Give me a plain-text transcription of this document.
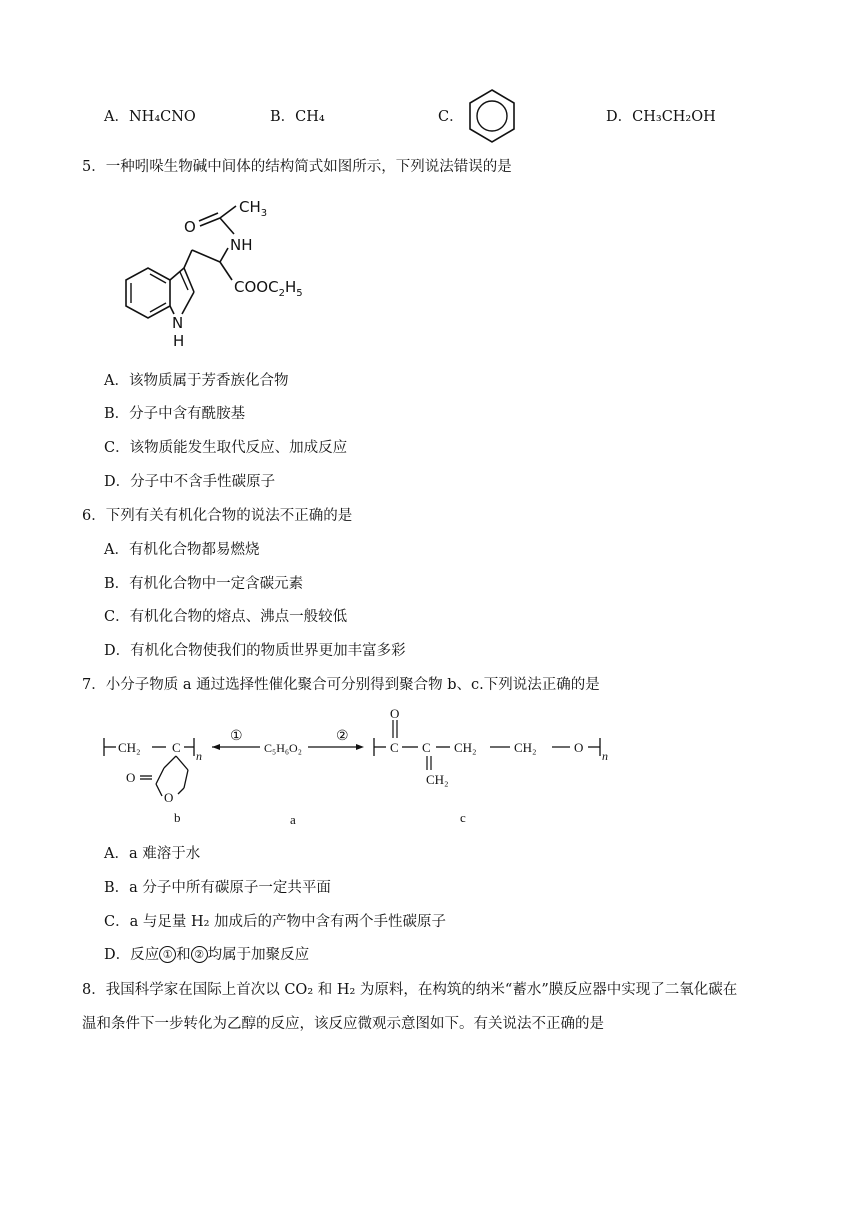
A．NH₄CNO	B．CH₄	C．	D．CH₃CH₂OH
5．一种吲哚生物碱中间体的结构简式如图所示，下列说法错误的是
N
H
NH
O
$CH_3$
$COOC_2H_5$
A．该物质属于芳香族化合物
B．分子中含有酰胺基
C．该物质能发生取代反应、加成反应
D．分子中不含手性碳原子
6．下列有关有机化合物的说法不正确的是
A．有机化合物都易燃烧
B．有机化合物中一定含碳元素
C．有机化合物的熔点、沸点一般较低
D．有机化合物使我们的物质世界更加丰富多彩
7．小分子物质 a 通过选择性催化聚合可分别得到聚合物 b、c.下列说法正确的是
CH₂ C
n
O
O
b
①
C₅H₆O₂
a
②
C
O
C
CH₂
CH₂	CH₂	O
n
c
A．a 难溶于水
B．a 分子中所有碳原子一定共平面
C．a 与足量 H₂ 加成后的产物中含有两个手性碳原子
D．反应 ① 和 ② 均属于加聚反应
8．我国科学家在国际上首次以 CO₂ 和 H₂ 为原料，在构筑的纳米“蓄水”膜反应器中实现了二氧化碳在
温和条件下一步转化为乙醇的反应，该反应微观示意图如下。有关说法不正确的是
